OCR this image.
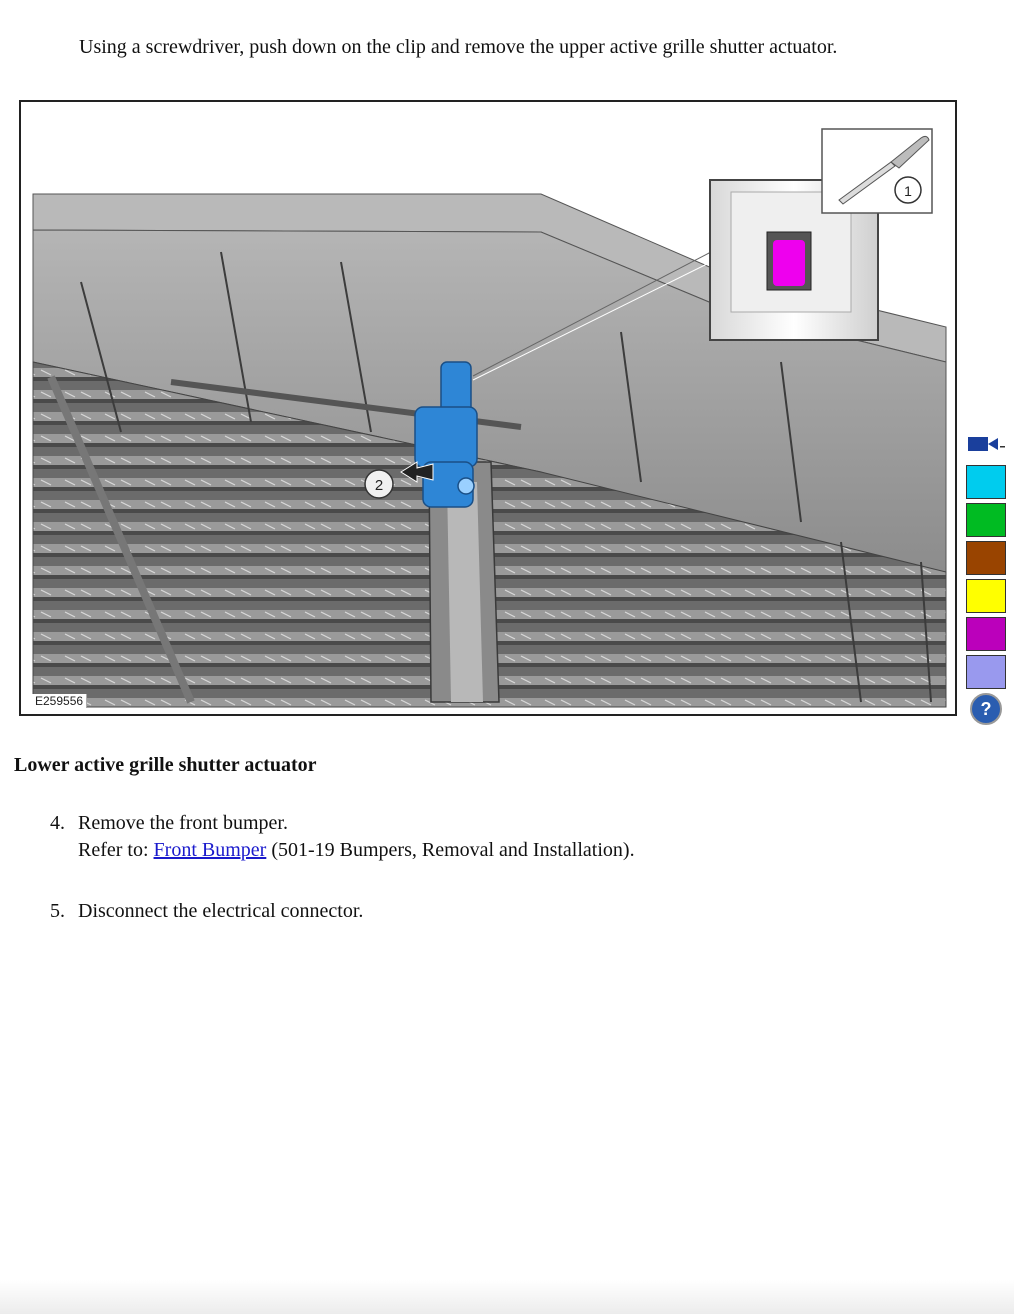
Using a screwdriver, push down on the clip and remove the upper active grille shutter actuator.
2
1
E259556	?
Lower active grille shutter actuator
4. Remove the front bumper.
Refer to: Front Bumper (501-19 Bumpers, Removal and Installation).
5. Disconnect the electrical connector.
